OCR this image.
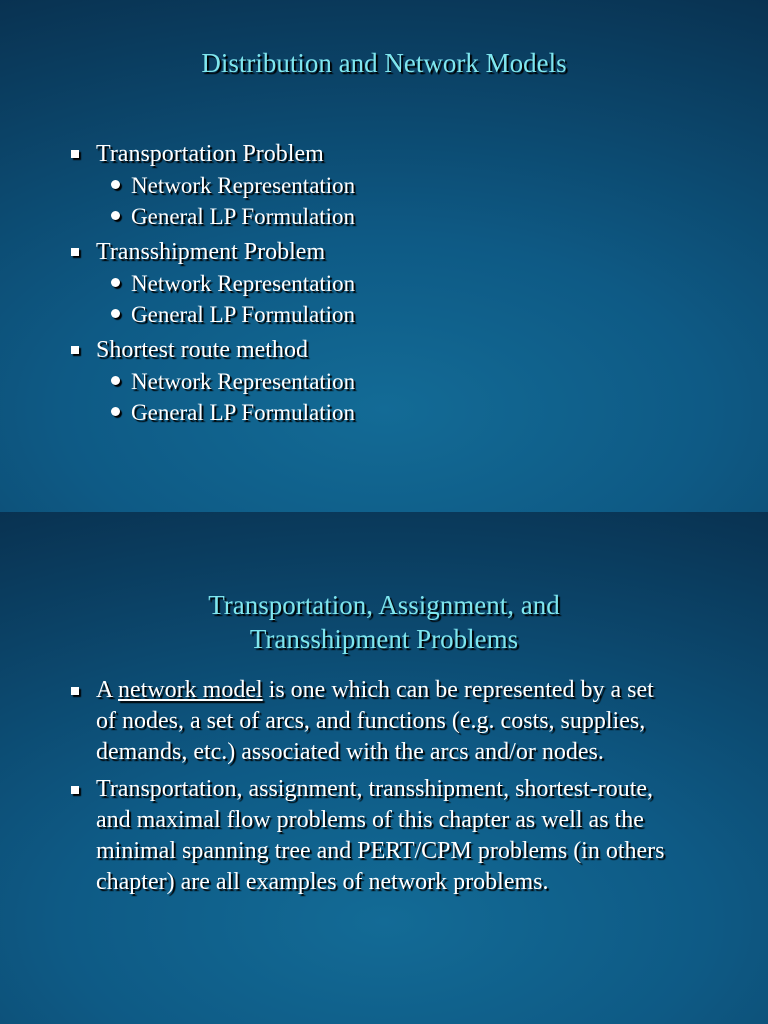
Distribution and Network Models
Transportation Problem
Network Representation
General LP Formulation
Transshipment Problem
Network Representation
General LP Formulation
Shortest route method
Network Representation
General LP Formulation
Transportation, Assignment, and
Transshipment Problems
A network model is one which can be represented by a set of nodes, a set of arcs, and functions (e.g. costs, supplies, demands, etc.) associated with the arcs and/or nodes.
Transportation, assignment, transshipment, shortest-route, and maximal flow problems of this chapter as well as the minimal spanning tree and PERT/CPM problems (in others chapter) are all examples of network problems.
